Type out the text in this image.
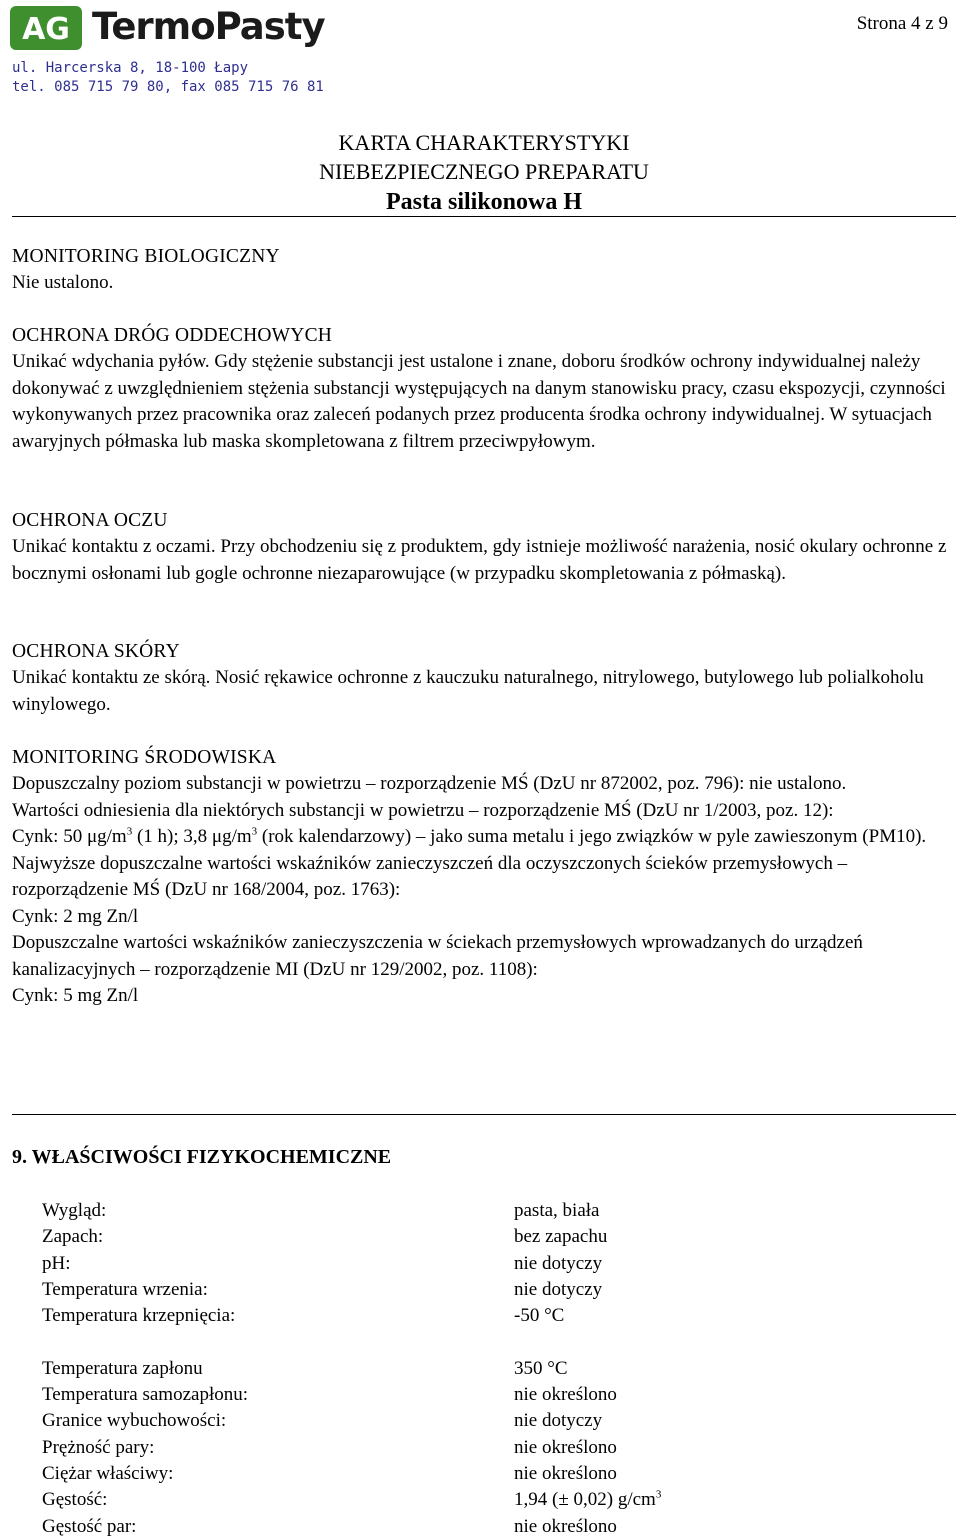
AG TermoPasty
ul. Harcerska 8, 18-100 Łapy
tel. 085 715 79 80, fax 085 715 76 81
Strona 4 z 9
KARTA CHARAKTERYSTYKI
NIEBEZPIECZNEGO PREPARATU
Pasta silikonowa H
MONITORING BIOLOGICZNY
Nie ustalono.
OCHRONA DRÓG ODDECHOWYCH
Unikać wdychania pyłów. Gdy stężenie substancji jest ustalone i znane, doboru środków ochrony indywidualnej należy dokonywać z uwzględnieniem stężenia substancji występujących na danym stanowisku pracy, czasu ekspozycji, czynności wykonywanych przez pracownika oraz zaleceń podanych przez producenta środka ochrony indywidualnej. W sytuacjach awaryjnych półmaska lub maska skompletowana z filtrem przeciwpyłowym.
OCHRONA OCZU
Unikać kontaktu z oczami. Przy obchodzeniu się z produktem, gdy istnieje możliwość narażenia, nosić okulary ochronne z bocznymi osłonami lub gogle ochronne niezaparowujące (w przypadku skompletowania z półmaską).
OCHRONA SKÓRY
Unikać kontaktu ze skórą. Nosić rękawice ochronne z kauczuku naturalnego, nitrylowego, butylowego lub polialkoholu winylowego.
MONITORING ŚRODOWISKA
Dopuszczalny poziom substancji w powietrzu – rozporządzenie MŚ (DzU nr 872002, poz. 796): nie ustalono.
Wartości odniesienia dla niektórych substancji w powietrzu – rozporządzenie MŚ (DzU nr 1/2003, poz. 12):
Cynk: 50 $\mu g/m^3$ (1 h); 3,8 $\mu g/m^3$ (rok kalendarzowy) – jako suma metalu i jego związków w pyle zawieszonym (PM10).
Najwyższe dopuszczalne wartości wskaźników zanieczyszczeń dla oczyszczonych ścieków przemysłowych – rozporządzenie MŚ (DzU nr 168/2004, poz. 1763):
Cynk: 2 mg Zn/l
Dopuszczalne wartości wskaźników zanieczyszczenia w ściekach przemysłowych wprowadzanych do urządzeń kanalizacyjnych – rozporządzenie MI (DzU nr 129/2002, poz. 1108):
Cynk: 5 mg Zn/l
9. WŁAŚCIWOŚCI FIZYKOCHEMICZNE
Wygląd:	pasta, biała
Zapach:	bez zapachu
pH:	nie dotyczy
Temperatura wrzenia:	nie dotyczy
Temperatura krzepnięcia:	-50 °C
Temperatura zapłonu	350 °C
Temperatura samozapłonu:	nie określono
Granice wybuchowości:	nie dotyczy
Prężność pary:	nie określono
Ciężar właściwy:	nie określono
Gęstość:	1,94 (± 0,02) $g/cm^3$
Gęstość par:	nie określono
